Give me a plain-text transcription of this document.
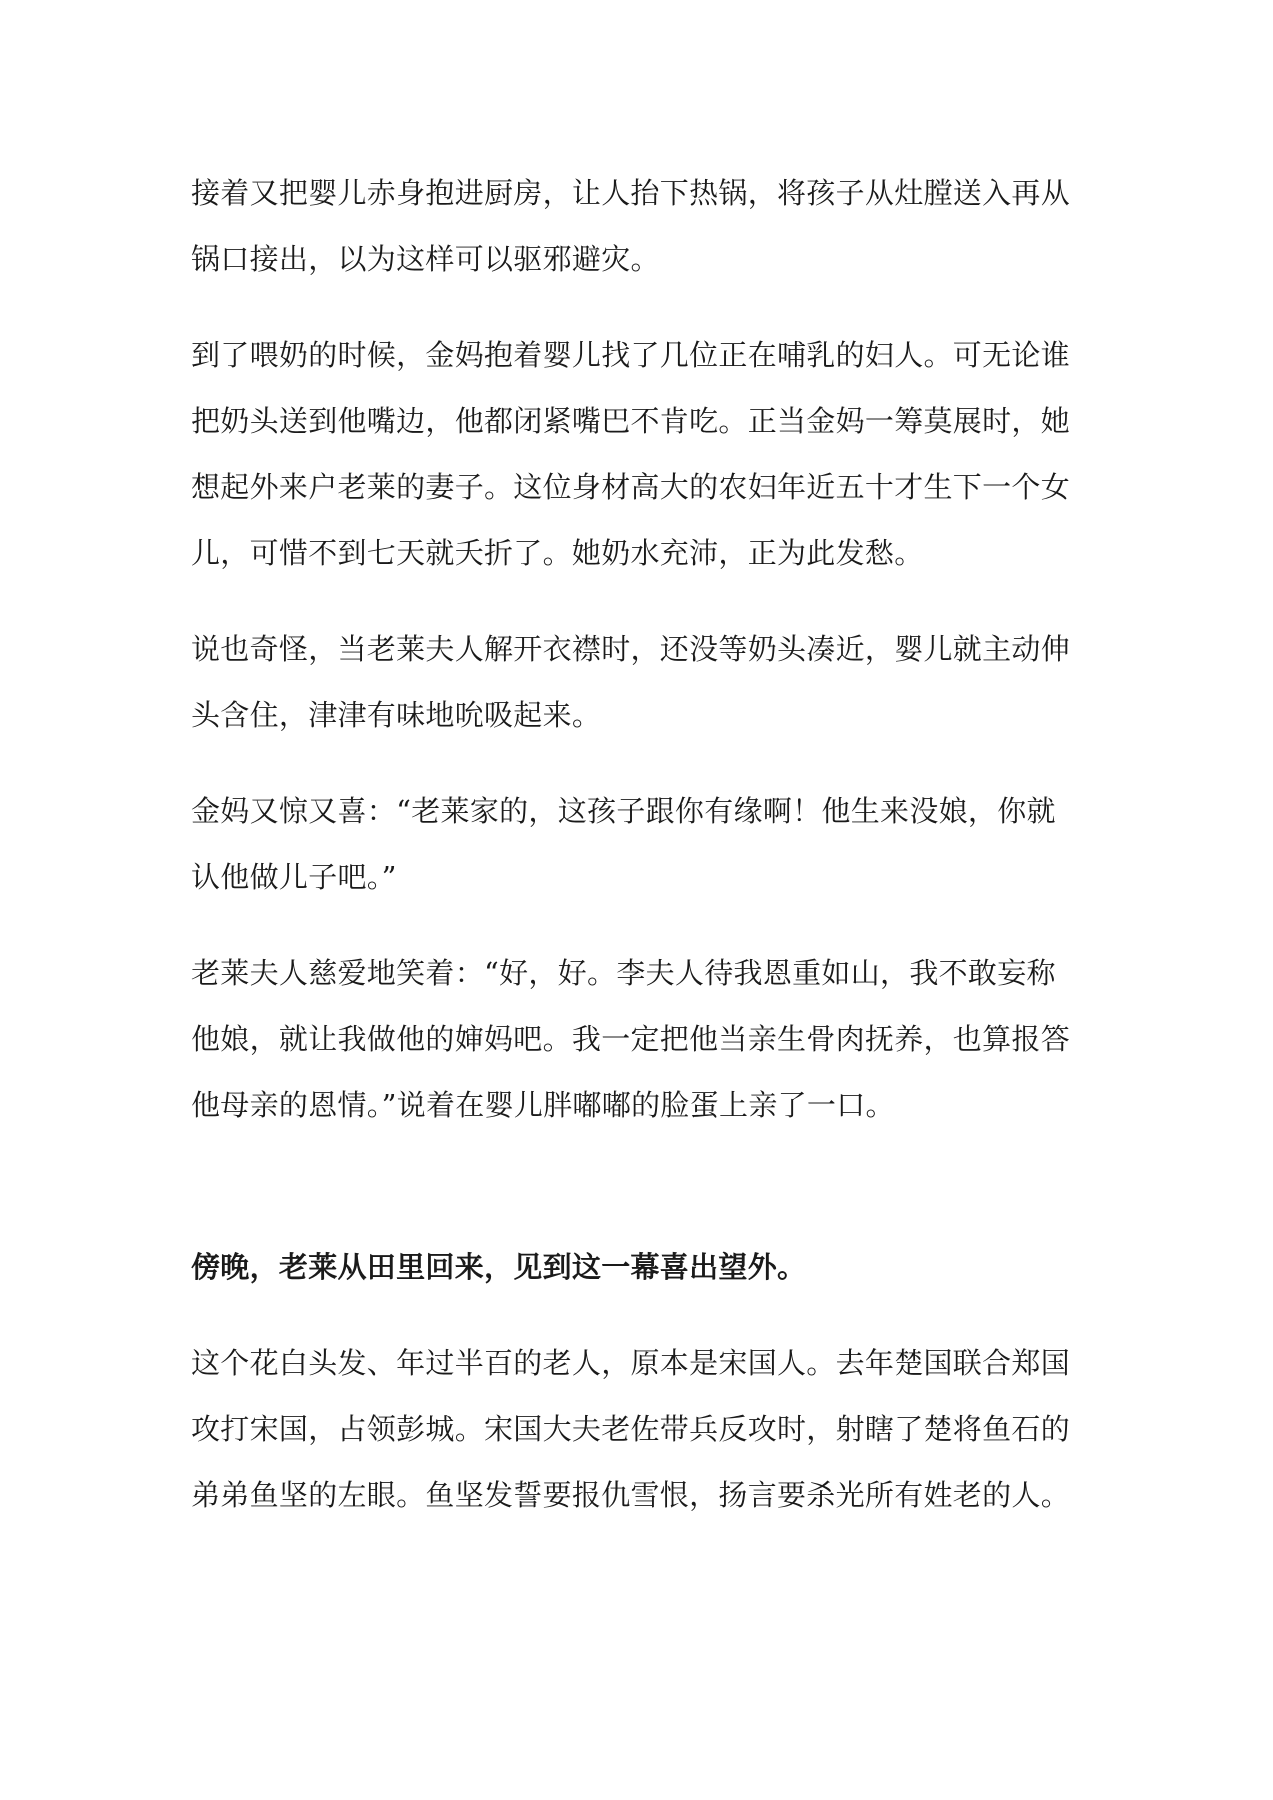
接着又把婴儿赤身抱进厨房，让人抬下热锅，将孩子从灶膛送入再从
锅口接出，以为这样可以驱邪避灾。

到了喂奶的时候，金妈抱着婴儿找了几位正在哺乳的妇人。可无论谁
把奶头送到他嘴边，他都闭紧嘴巴不肯吃。正当金妈一筹莫展时，她
想起外来户老莱的妻子。这位身材高大的农妇年近五十才生下一个女
儿，可惜不到七天就夭折了。她奶水充沛，正为此发愁。

说也奇怪，当老莱夫人解开衣襟时，还没等奶头凑近，婴儿就主动伸
头含住，津津有味地吮吸起来。

金妈又惊又喜：“老莱家的，这孩子跟你有缘啊！他生来没娘，你就
认他做儿子吧。”

老莱夫人慈爱地笑着：“好，好。李夫人待我恩重如山，我不敢妄称
他娘，就让我做他的婶妈吧。我一定把他当亲生骨肉抚养，也算报答
他母亲的恩情。”说着在婴儿胖嘟嘟的脸蛋上亲了一口。

傍晚，老莱从田里回来，见到这一幕喜出望外。

这个花白头发、年过半百的老人，原本是宋国人。去年楚国联合郑国
攻打宋国，占领彭城。宋国大夫老佐带兵反攻时，射瞎了楚将鱼石的
弟弟鱼坚的左眼。鱼坚发誓要报仇雪恨，扬言要杀光所有姓老的人。
